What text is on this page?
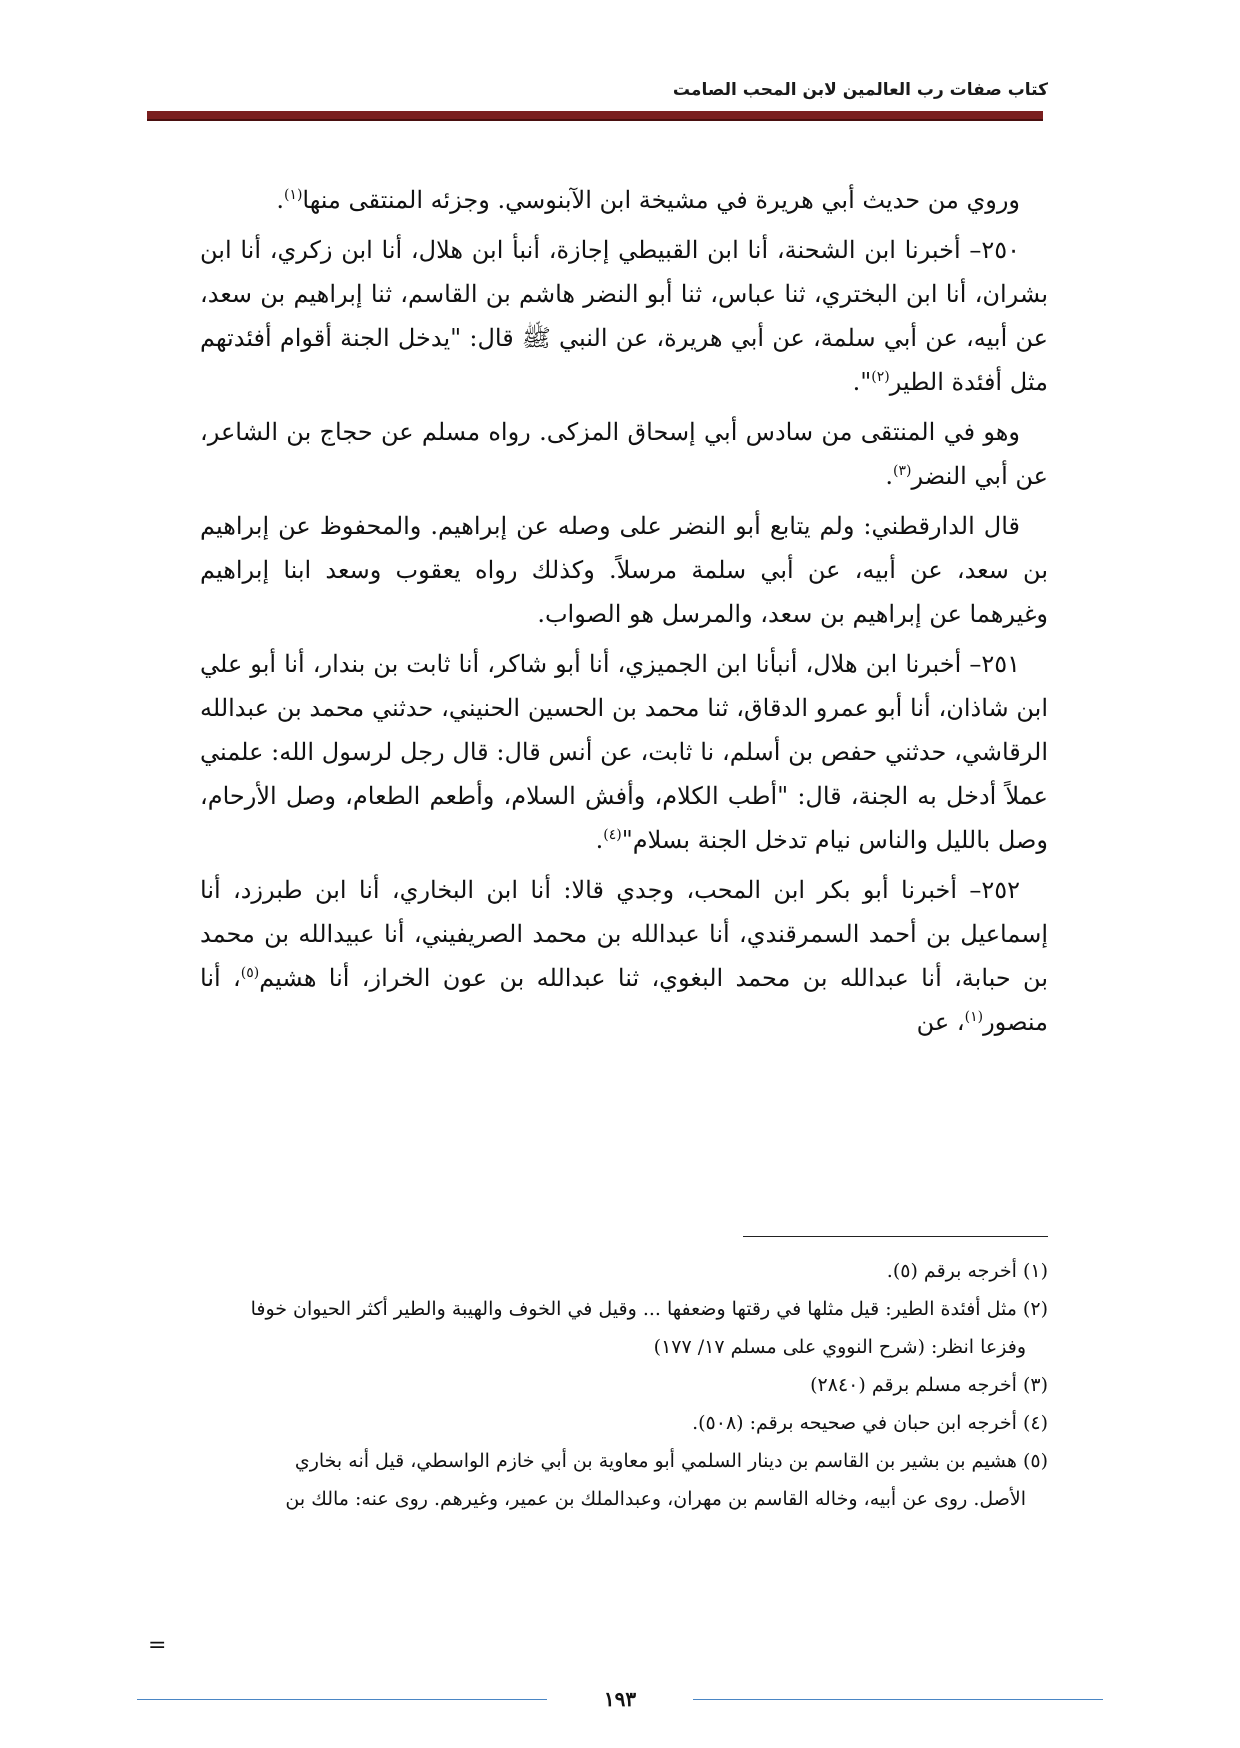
كتاب صفات رب العالمين لابن المحب الصامت

وروي من حديث أبي هريرة في مشيخة ابن الآبنوسي. وجزئه المنتقى منها$^{(١)}$.

٢٥٠– أخبرنا ابن الشحنة، أنا ابن القبيطي إجازة، أنبأ ابن هلال، أنا ابن زكري، أنا ابن بشران، أنا ابن البختري، ثنا عباس، ثنا أبو النضر هاشم بن القاسم، ثنا إبراهيم بن سعد، عن أبيه، عن أبي سلمة، عن أبي هريرة، عن النبي ﷺ قال: "يدخل الجنة أقوام أفئدتهم مثل أفئدة الطير$^{(٢)}$".

وهو في المنتقى من سادس أبي إسحاق المزكى. رواه مسلم عن حجاج بن الشاعر، عن أبي النضر$^{(٣)}$.

قال الدارقطني: ولم يتابع أبو النضر على وصله عن إبراهيم. والمحفوظ عن إبراهيم بن سعد، عن أبيه، عن أبي سلمة مرسلاً. وكذلك رواه يعقوب وسعد ابنا إبراهيم وغيرهما عن إبراهيم بن سعد، والمرسل هو الصواب.

٢٥١– أخبرنا ابن هلال، أنبأنا ابن الجميزي، أنا أبو شاكر، أنا ثابت بن بندار، أنا أبو علي ابن شاذان، أنا أبو عمرو الدقاق، ثنا محمد بن الحسين الحنيني، حدثني محمد بن عبدالله الرقاشي، حدثني حفص بن أسلم، نا ثابت، عن أنس قال: قال رجل لرسول الله: علمني عملاً أدخل به الجنة، قال: "أطب الكلام، وأفش السلام، وأطعم الطعام، وصل الأرحام، وصل بالليل والناس نيام تدخل الجنة بسلام"$^{(٤)}$.

٢٥٢– أخبرنا أبو بكر ابن المحب، وجدي قالا: أنا ابن البخاري، أنا ابن طبرزد، أنا إسماعيل بن أحمد السمرقندي، أنا عبدالله بن محمد الصريفيني، أنا عبيدالله بن محمد بن حبابة، أنا عبدالله بن محمد البغوي، ثنا عبدالله بن عون الخراز، أنا هشيم$^{(٥)}$، أنا منصور$^{(١)}$، عن

(١) أخرجه برقم (٥).

(٢) مثل أفئدة الطير: قيل مثلها في رقتها وضعفها ... وقيل في الخوف والهيبة والطير أكثر الحيوان خوفا

وفزعا انظر: (شرح النووي على مسلم ١٧/ ١٧٧)

(٣) أخرجه مسلم برقم (٢٨٤٠)

(٤) أخرجه ابن حبان في صحيحه برقم: (٥٠٨).

(٥) هشيم بن بشير بن القاسم بن دينار السلمي أبو معاوية بن أبي خازم الواسطي، قيل أنه بخاري

الأصل. روى عن أبيه، وخاله القاسم بن مهران، وعبدالملك بن عمير، وغيرهم. روى عنه: مالك بن

=
١٩٣
